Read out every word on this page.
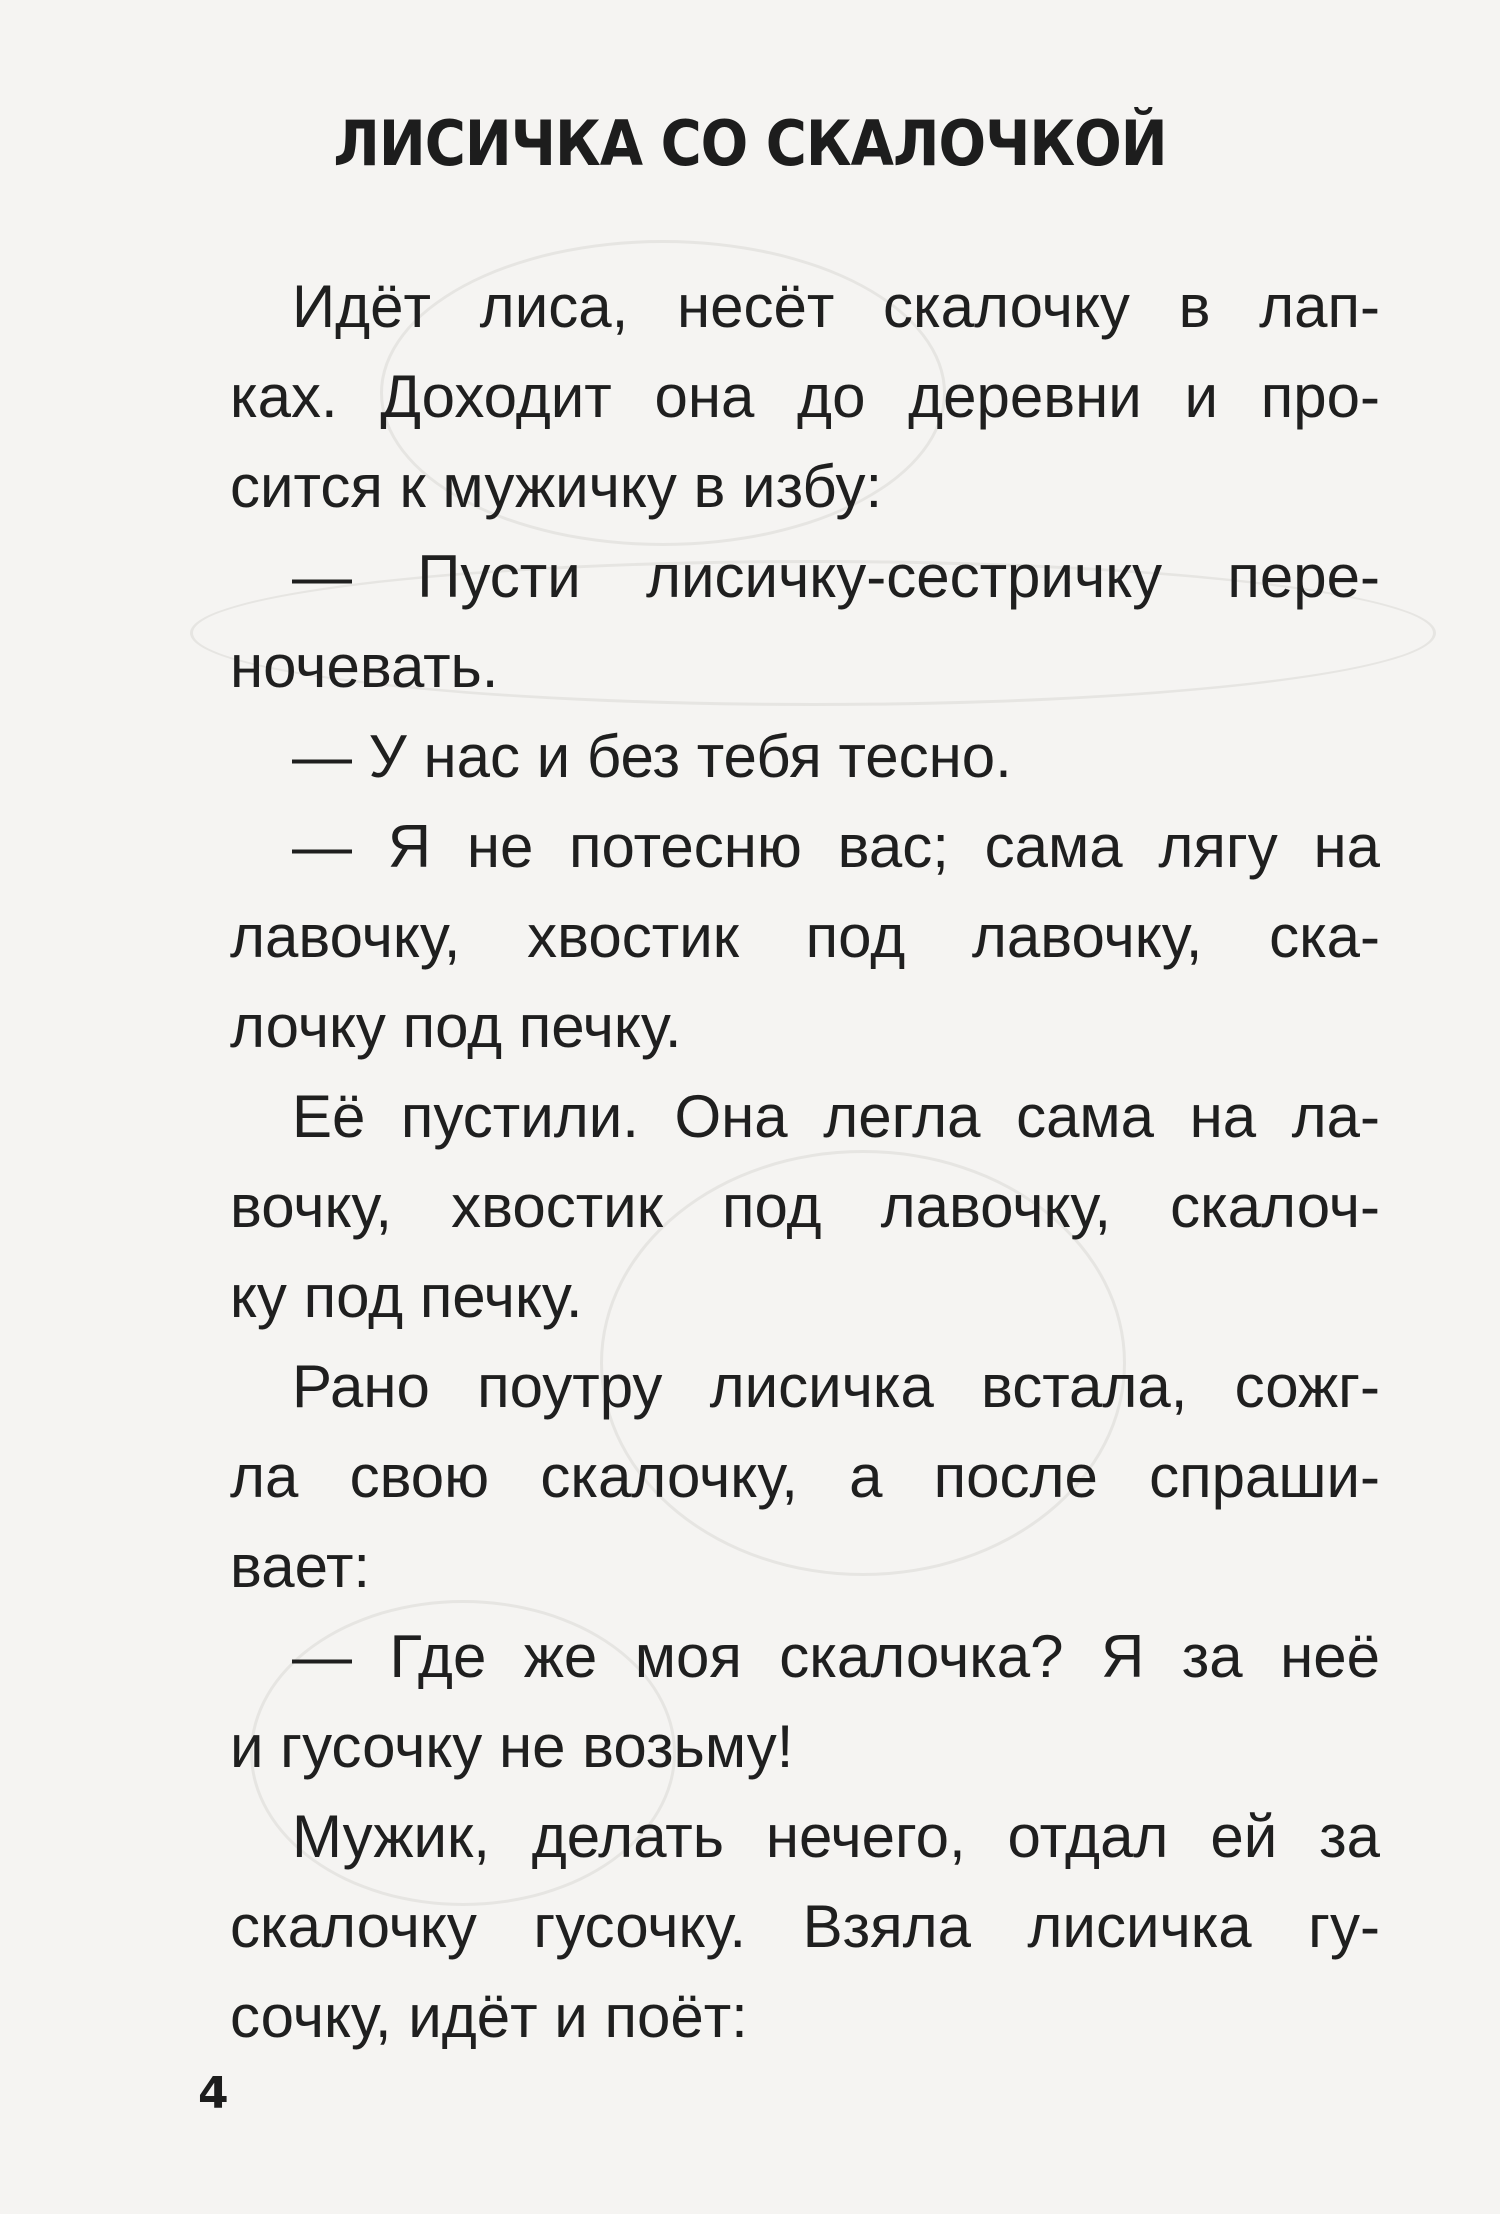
ЛИСИЧКА СО СКАЛОЧКОЙ
Идёт лиса, несёт скалочку в лап-
ках. Доходит она до деревни и про-
сится к мужичку в избу:
— Пусти лисичку-сестричку пере-
ночевать.
— У нас и без тебя тесно.
— Я не потесню вас; сама лягу на
лавочку, хвостик под лавочку, ска-
лочку под печку.
Её пустили. Она легла сама на ла-
вочку, хвостик под лавочку, скалоч-
ку под печку.
Рано поутру лисичка встала, сожг-
ла свою скалочку, а после спраши-
вает:
— Где же моя скалочка? Я за неё
и гусочку не возьму!
Мужик, делать нечего, отдал ей за
скалочку гусочку. Взяла лисичка гу-
сочку, идёт и поёт:
4
